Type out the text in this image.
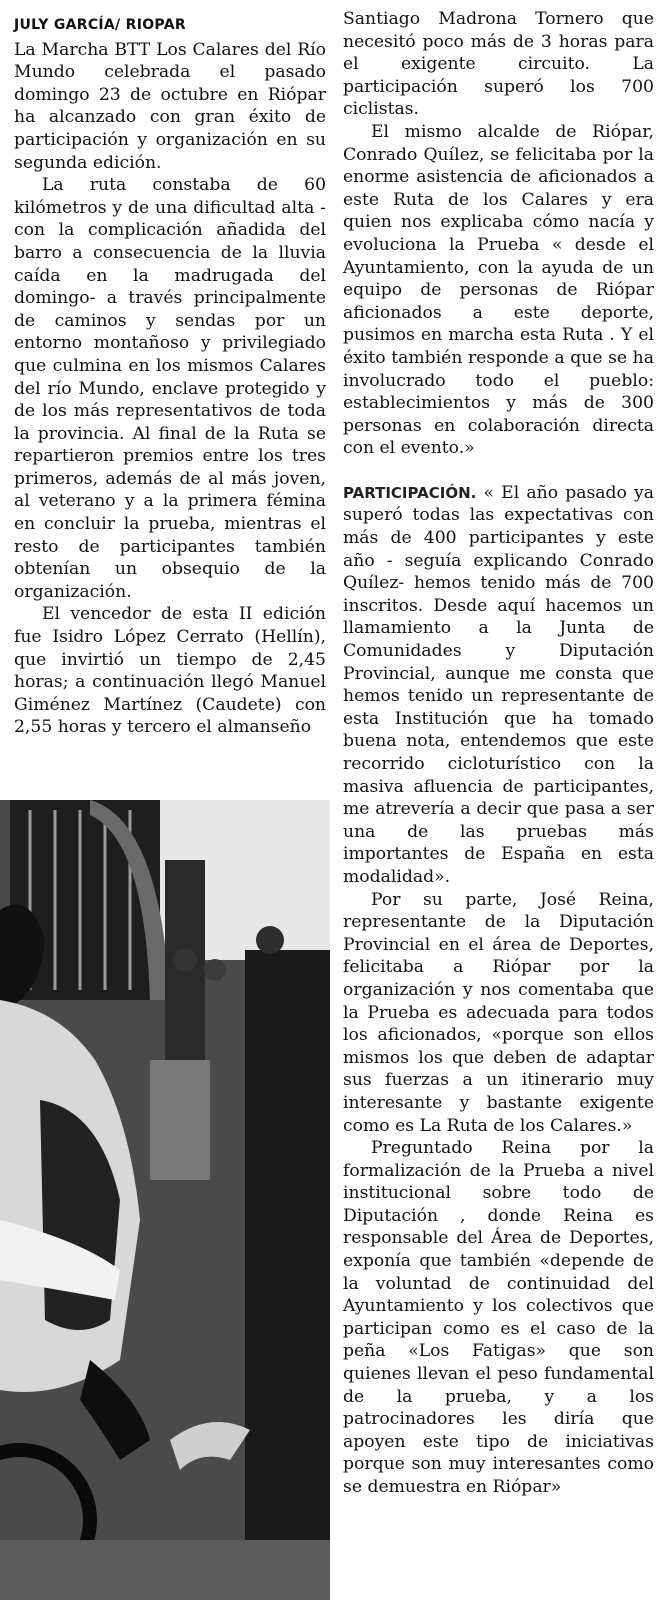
JULY GARCÍA/ RIOPAR

La Marcha BTT Los Calares del Río Mundo celebrada el pasado domingo 23 de octubre en Riópar ha alcanzado con gran éxito de participación y organización en su segunda edición.

La ruta constaba de 60 kilómetros y de una dificultad alta -con la complicación añadida del barro a consecuencia de la lluvia caída en la madrugada del domingo- a través principalmente de caminos y sendas por un entorno montañoso y privilegiado que culmina en los mismos Calares del río Mundo, enclave protegido y de los más representativos de toda la provincia. Al final de la Ruta se repartieron premios entre los tres primeros, además de al más joven, al veterano y a la primera fémina en concluir la prueba, mientras el resto de participantes también obtenían un obsequio de la organización.

El vencedor de esta II edición fue Isidro López Cerrato (Hellín), que invirtió un tiempo de 2,45 horas; a continuación llegó Manuel Giménez Martínez (Caudete) con 2,55 horas y tercero el almanseño

Santiago Madrona Tornero que necesitó poco más de 3 horas para el exigente circuito. La participación superó los 700 ciclistas.

El mismo alcalde de Riópar, Conrado Quílez, se felicitaba por la enorme asistencia de aficionados a este Ruta de los Calares y era quien nos explicaba cómo nacía y evoluciona la Prueba « desde el Ayuntamiento, con la ayuda de un equipo de personas de Riópar aficionados a este deporte, pusimos en marcha esta Ruta . Y el éxito también responde a que se ha involucrado todo el pueblo: establecimientos y más de 300 personas en colaboración directa con el evento.»

PARTICIPACIÓN. « El año pasado ya superó todas las expectativas con más de 400 participantes y este año - seguía explicando Conrado Quílez- hemos tenido más de 700 inscritos. Desde aquí hacemos un llamamiento a la Junta de Comunidades y Diputación Provincial, aunque me consta que hemos tenido un representante de esta Institución que ha tomado buena nota, entendemos que este recorrido cicloturístico con la masiva afluencia de participantes, me atrevería a decir que pasa a ser una de las pruebas más importantes de España en esta modalidad».

Por su parte, José Reina, representante de la Diputación Provincial en el área de Deportes, felicitaba a Riópar por la organización y nos comentaba que la Prueba es adecuada para todos los aficionados, «porque son ellos mismos los que deben de adaptar sus fuerzas a un itinerario muy interesante y bastante exigente como es La Ruta de los Calares.»

Preguntado Reina por la formalización de la Prueba a nivel institucional sobre todo de Diputación , donde Reina es responsable del Área de Deportes, exponía que también «depende de la voluntad de continuidad del Ayuntamiento y los colectivos que participan como es el caso de la peña «Los Fatigas» que son quienes llevan el peso fundamental de la prueba, y a los patrocinadores les diría que apoyen este tipo de iniciativas porque son muy interesantes como se demuestra en Riópar»
